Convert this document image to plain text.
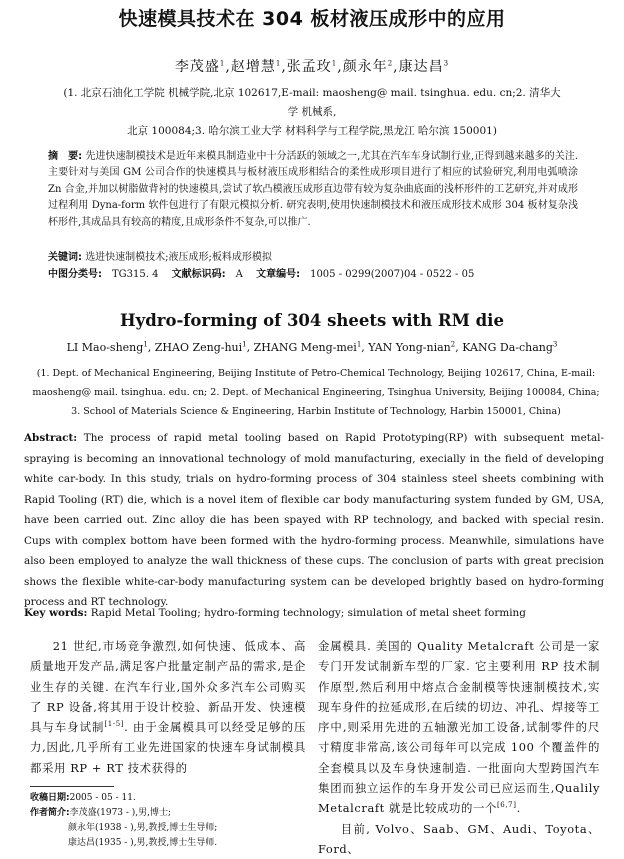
快速模具技术在 304 板材液压成形中的应用
李茂盛$^1$,赵增慧$^1$,张孟玫$^1$,颜永年$^2$,康达昌$^3$
(1. 北京石油化工学院 机械学院,北京 102617,E-mail: maosheng@ mail. tsinghua. edu. cn;2. 清华大学 机械系,
北京 100084;3. 哈尔滨工业大学 材料科学与工程学院,黑龙江 哈尔滨 150001)
摘　要: 先进快速制模技术是近年来模具制造业中十分活跃的领域之一,尤其在汽车车身试制行业,正得到越来越多的关注. 主要针对与美国 GM 公司合作的快速模具与板材液压成形相结合的柔性成形项目进行了相应的试验研究,利用电弧喷涂 Zn 合金,并加以树脂做背衬的快速模具,尝试了软凸模液压成形直边带有较为复杂曲底面的浅杯形件的工艺研究,并对成形过程利用 Dyna-form 软件包进行了有限元模拟分析. 研究表明,使用快速制模技术和液压成形技术成形 304 板材复杂浅杯形件,其成品具有较高的精度,且成形条件不复杂,可以推广.
关键词: 选进快速制模技术;液压成形;板料成形模拟
中图分类号: TG315. 4 文献标识码: A 文章编号: 1005 - 0299(2007)04 - 0522 - 05
Hydro-forming of 304 sheets with RM die
LI Mao-sheng$^1$, ZHAO Zeng-hui$^1$, ZHANG Meng-mei$^1$, YAN Yong-nian$^2$, KANG Da-chang$^3$
(1. Dept. of Mechanical Engineering, Beijing Institute of Petro-Chemical Technology, Beijing 102617, China, E-mail:
maosheng@ mail. tsinghua. edu. cn; 2. Dept. of Mechanical Engineering, Tsinghua University, Beijing 100084, China;
3. School of Materials Science & Engineering, Harbin Institute of Technology, Harbin 150001, China)
Abstract: The process of rapid metal tooling based on Rapid Prototyping(RP) with subsequent metal-spraying is becoming an innovational technology of mold manufacturing, execially in the field of developing white car-body. In this study, trials on hydro-forming process of 304 stainless steel sheets combining with Rapid Tooling (RT) die, which is a novel item of flexible car body manufacturing system funded by GM, USA, have been carried out. Zinc alloy die has been spayed with RP technology, and backed with special resin. Cups with complex bottom have been formed with the hydro-forming process. Meanwhile, simulations have also been employed to analyze the wall thickness of these cups. The conclusion of parts with great precision shows the flexible white-car-body manufacturing system can be developed brightly based on hydro-forming process and RT technology.
Key words: Rapid Metal Tooling; hydro-forming technology; simulation of metal sheet forming
21 世纪,市场竞争激烈,如何快速、低成本、高质量地开发产品,满足客户批量定制产品的需求,是企业生存的关键. 在汽车行业,国外众多汽车公司购买了 RP 设备,将其用于设计校验、新品开发、快速模具与车身试制[1-5]. 由于金属模具可以经受足够的压力,因此,几乎所有工业先进国家的快速车身试制模具都采用 RP + RT 技术获得的
金属模具. 美国的 Quality Metalcraft 公司是一家专门开发试制新车型的厂家. 它主要利用 RP 技术制作原型,然后利用中熔点合金制模等快速制模技术,实现车身件的拉延成形,在后续的切边、冲孔、焊接等工序中,则采用先进的五轴激光加工设备,试制零件的尺寸精度非常高,该公司每年可以完成 100 个覆盖件的全套模具以及车身快速制造. 一批面向大型跨国汽车集团而独立运作的车身开发公司已应运而生,Qualily Metalcraft 就是比较成功的一个[6,7].
目前, Volvo、Saab、GM、Audi、Toyota、Ford、
收稿日期:2005 - 05 - 11.
作者简介:李茂盛(1973 - ),男,博士;
颜永年(1938 - ),男,教授,博士生导师;
康达昌(1935 - ),男,教授,博士生导师.
